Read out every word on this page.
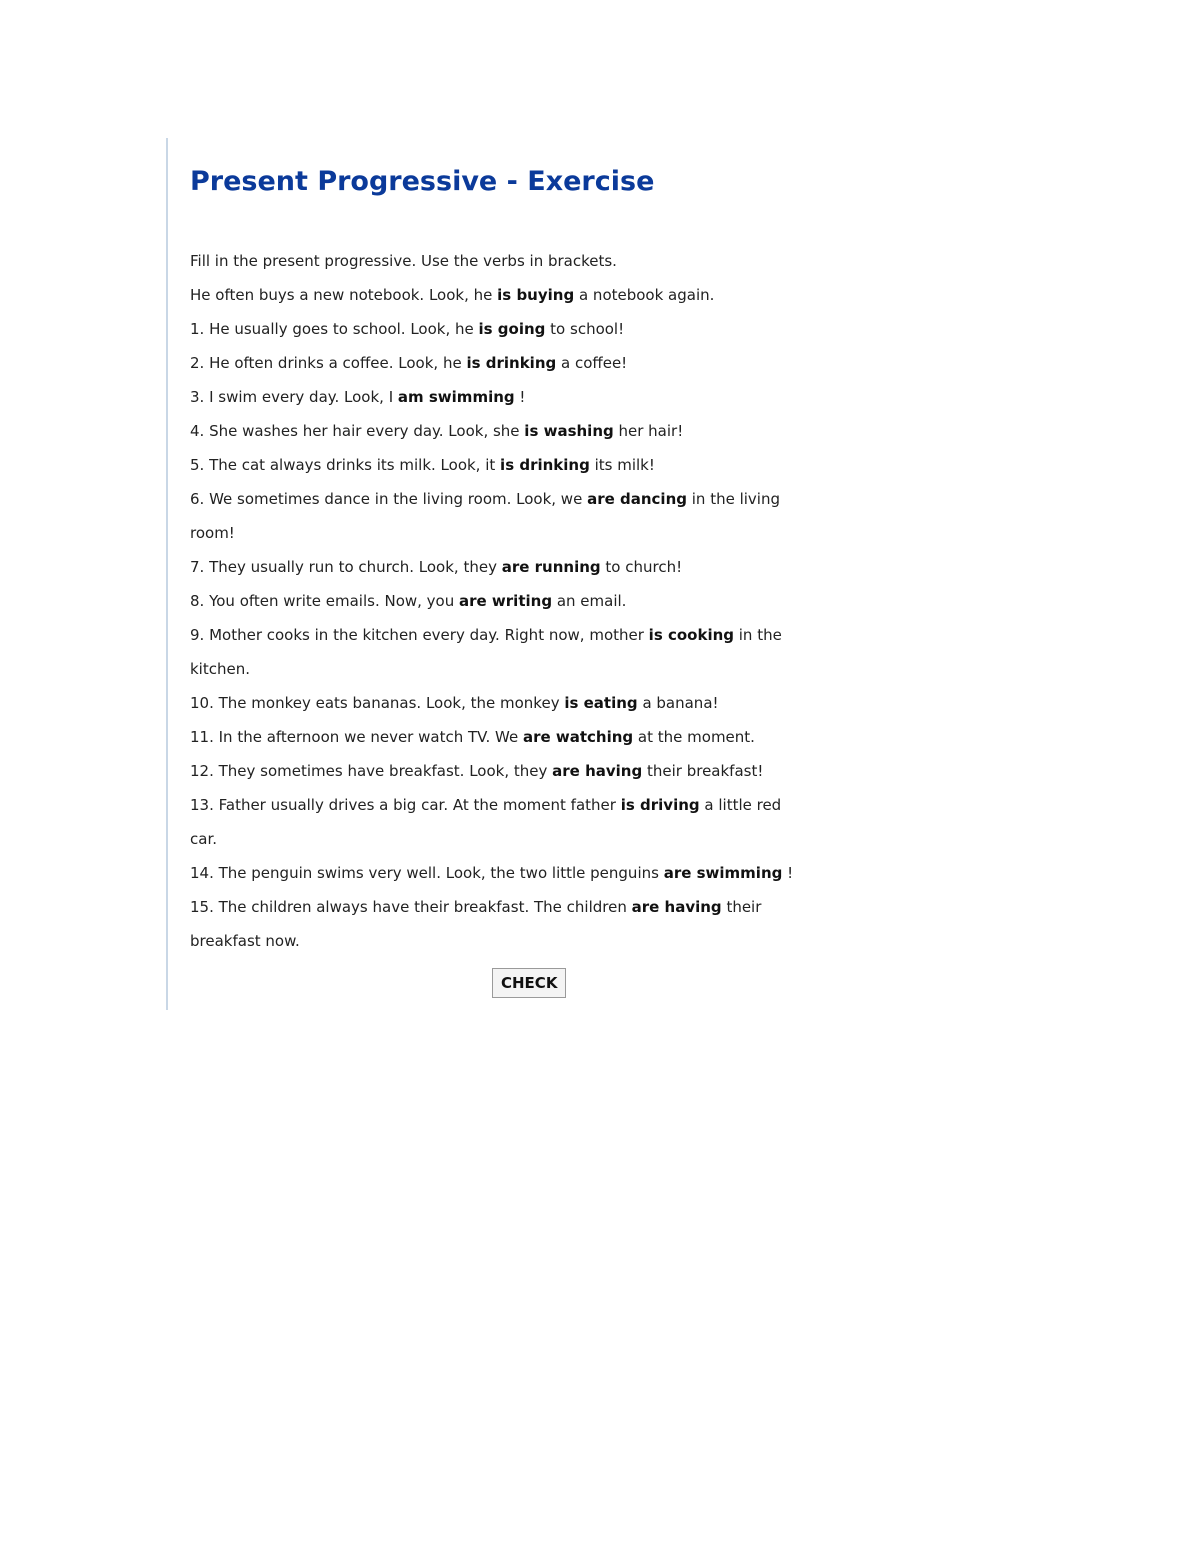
Present Progressive - Exercise
Fill in the present progressive. Use the verbs in brackets.
He often buys a new notebook. Look, he is buying a notebook again.
1. He usually goes to school. Look, he is going to school!
2. He often drinks a coffee. Look, he is drinking a coffee!
3. I swim every day. Look, I am swimming !
4. She washes her hair every day. Look, she is washing her hair!
5. The cat always drinks its milk. Look, it is drinking its milk!
6. We sometimes dance in the living room. Look, we are dancing in the living
room!
7. They usually run to church. Look, they are running to church!
8. You often write emails. Now, you are writing an email.
9. Mother cooks in the kitchen every day. Right now, mother is cooking in the
kitchen.
10. The monkey eats bananas. Look, the monkey is eating a banana!
11. In the afternoon we never watch TV. We are watching at the moment.
12. They sometimes have breakfast. Look, they are having their breakfast!
13. Father usually drives a big car. At the moment father is driving a little red
car.
14. The penguin swims very well. Look, the two little penguins are swimming !
15. The children always have their breakfast. The children are having their
breakfast now.
CHECK
